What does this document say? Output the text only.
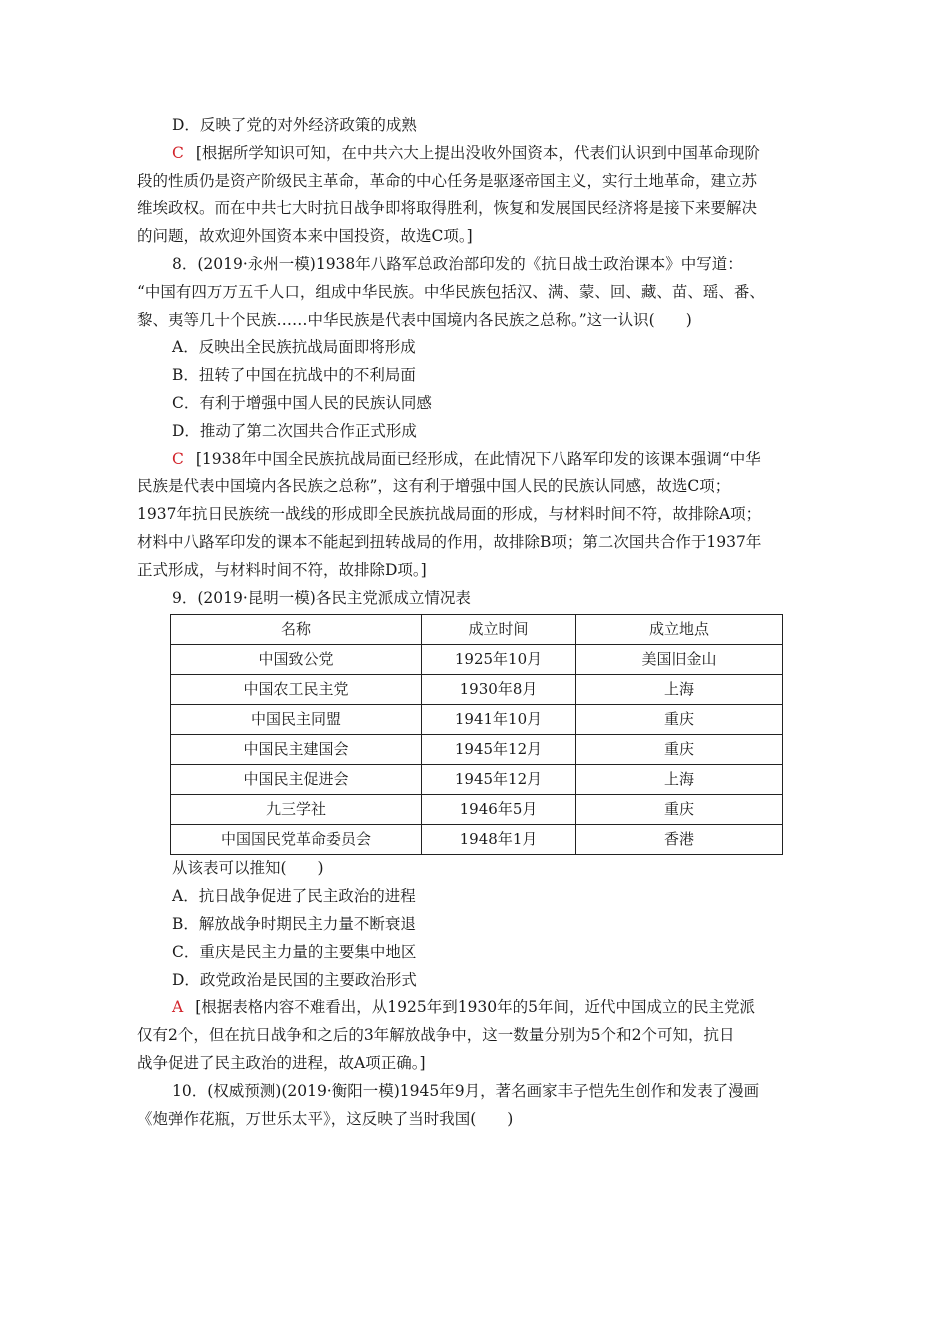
D．反映了党的对外经济政策的成熟
C [根据所学知识可知，在中共六大上提出没收外国资本，代表们认识到中国革命现阶
段的性质仍是资产阶级民主革命，革命的中心任务是驱逐帝国主义，实行土地革命，建立苏
维埃政权。而在中共七大时抗日战争即将取得胜利，恢复和发展国民经济将是接下来要解决
的问题，故欢迎外国资本来中国投资，故选C项。]
8．(2019·永州一模)1938年八路军总政治部印发的《抗日战士政治课本》中写道：
“中国有四万万五千人口，组成中华民族。中华民族包括汉、满、蒙、回、藏、苗、瑶、番、
黎、夷等几十个民族……中华民族是代表中国境内各民族之总称。”这一认识(　　)
A．反映出全民族抗战局面即将形成
B．扭转了中国在抗战中的不利局面
C．有利于增强中国人民的民族认同感
D．推动了第二次国共合作正式形成
C [1938年中国全民族抗战局面已经形成，在此情况下八路军印发的该课本强调“中华
民族是代表中国境内各民族之总称”，这有利于增强中国人民的民族认同感，故选C项；
1937年抗日民族统一战线的形成即全民族抗战局面的形成，与材料时间不符，故排除A项；
材料中八路军印发的课本不能起到扭转战局的作用，故排除B项；第二次国共合作于1937年
正式形成，与材料时间不符，故排除D项。]
9．(2019·昆明一模)各民主党派成立情况表
名称	成立时间	成立地点
中国致公党	1925年10月	美国旧金山
中国农工民主党	1930年8月	上海
中国民主同盟	1941年10月	重庆
中国民主建国会	1945年12月	重庆
中国民主促进会	1945年12月	上海
九三学社	1946年5月	重庆
中国国民党革命委员会	1948年1月	香港
从该表可以推知(　　)
A．抗日战争促进了民主政治的进程
B．解放战争时期民主力量不断衰退
C．重庆是民主力量的主要集中地区
D．政党政治是民国的主要政治形式
A [根据表格内容不难看出，从1925年到1930年的5年间，近代中国成立的民主党派
仅有2个，但在抗日战争和之后的3年解放战争中，这一数量分别为5个和2个可知，抗日
战争促进了民主政治的进程，故A项正确。]
10．(权威预测)(2019·衡阳一模)1945年9月，著名画家丰子恺先生创作和发表了漫画
《炮弹作花瓶，万世乐太平》，这反映了当时我国(　　)
